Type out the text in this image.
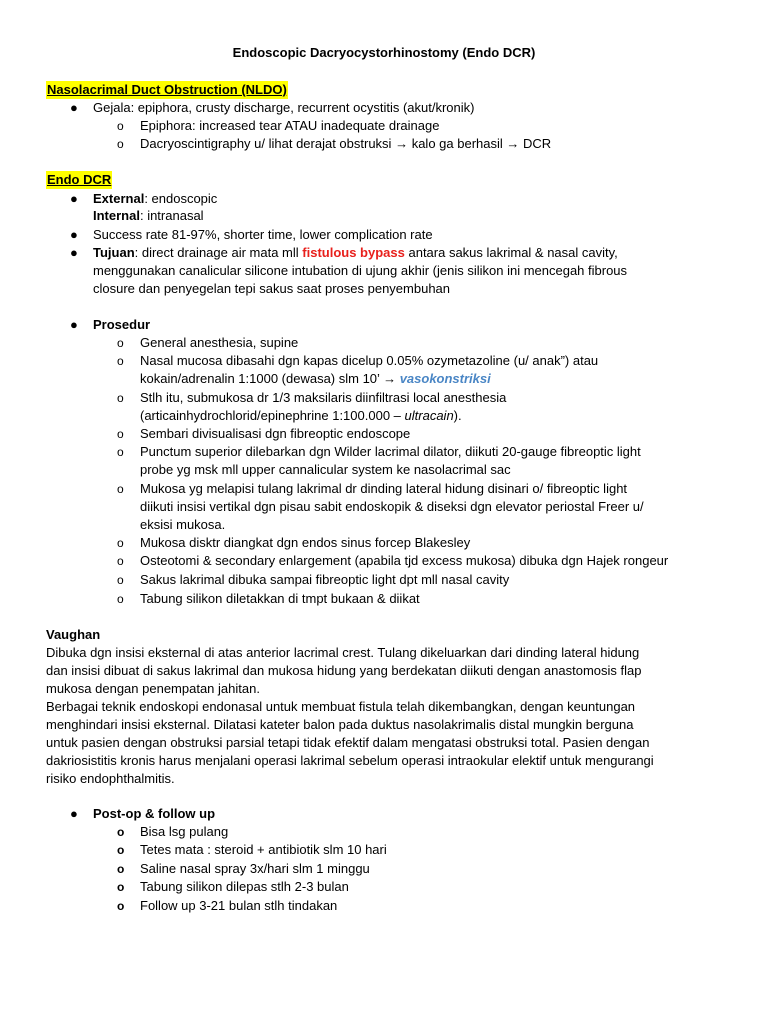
Endoscopic Dacryocystorhinostomy (Endo DCR)
Nasolacrimal Duct Obstruction (NLDO)
● Gejala: epiphora, crusty discharge, recurrent ocystitis (akut/kronik)
o Epiphora: increased tear ATAU inadequate drainage
o Dacryoscintigraphy u/ lihat derajat obstruksi → kalo ga berhasil → DCR
Endo DCR
● External: endoscopic
Internal: intranasal
● Success rate 81-97%, shorter time, lower complication rate
● Tujuan: direct drainage air mata mll fistulous bypass antara sakus lakrimal & nasal cavity,
menggunakan canalicular silicone intubation di ujung akhir (jenis silikon ini mencegah fibrous
closure dan penyegelan tepi sakus saat proses penyembuhan
● Prosedur
o General anesthesia, supine
o Nasal mucosa dibasahi dgn kapas dicelup 0.05% ozymetazoline (u/ anak”) atau
kokain/adrenalin 1:1000 (dewasa) slm 10’ → vasokonstriksi
o Stlh itu, submukosa dr 1/3 maksilaris diinfiltrasi local anesthesia
(articainhydrochlorid/epinephrine 1:100.000 – ultracain).
o Sembari divisualisasi dgn fibreoptic endoscope
o Punctum superior dilebarkan dgn Wilder lacrimal dilator, diikuti 20-gauge fibreoptic light
probe yg msk mll upper cannalicular system ke nasolacrimal sac
o Mukosa yg melapisi tulang lakrimal dr dinding lateral hidung disinari o/ fibreoptic light
diikuti insisi vertikal dgn pisau sabit endoskopik & diseksi dgn elevator periostal Freer u/
eksisi mukosa.
o Mukosa disktr diangkat dgn endos sinus forcep Blakesley
o Osteotomi & secondary enlargement (apabila tjd excess mukosa) dibuka dgn Hajek rongeur
o Sakus lakrimal dibuka sampai fibreoptic light dpt mll nasal cavity
o Tabung silikon diletakkan di tmpt bukaan & diikat
Vaughan
Dibuka dgn insisi eksternal di atas anterior lacrimal crest. Tulang dikeluarkan dari dinding lateral hidung
dan insisi dibuat di sakus lakrimal dan mukosa hidung yang berdekatan diikuti dengan anastomosis flap
mukosa dengan penempatan jahitan.
Berbagai teknik endoskopi endonasal untuk membuat fistula telah dikembangkan, dengan keuntungan
menghindari insisi eksternal. Dilatasi kateter balon pada duktus nasolakrimalis distal mungkin berguna
untuk pasien dengan obstruksi parsial tetapi tidak efektif dalam mengatasi obstruksi total. Pasien dengan
dakriosistitis kronis harus menjalani operasi lakrimal sebelum operasi intraokular elektif untuk mengurangi
risiko endophthalmitis.
● Post-op & follow up
o Bisa lsg pulang
o Tetes mata : steroid + antibiotik slm 10 hari
o Saline nasal spray 3x/hari slm 1 minggu
o Tabung silikon dilepas stlh 2-3 bulan
o Follow up 3-21 bulan stlh tindakan
